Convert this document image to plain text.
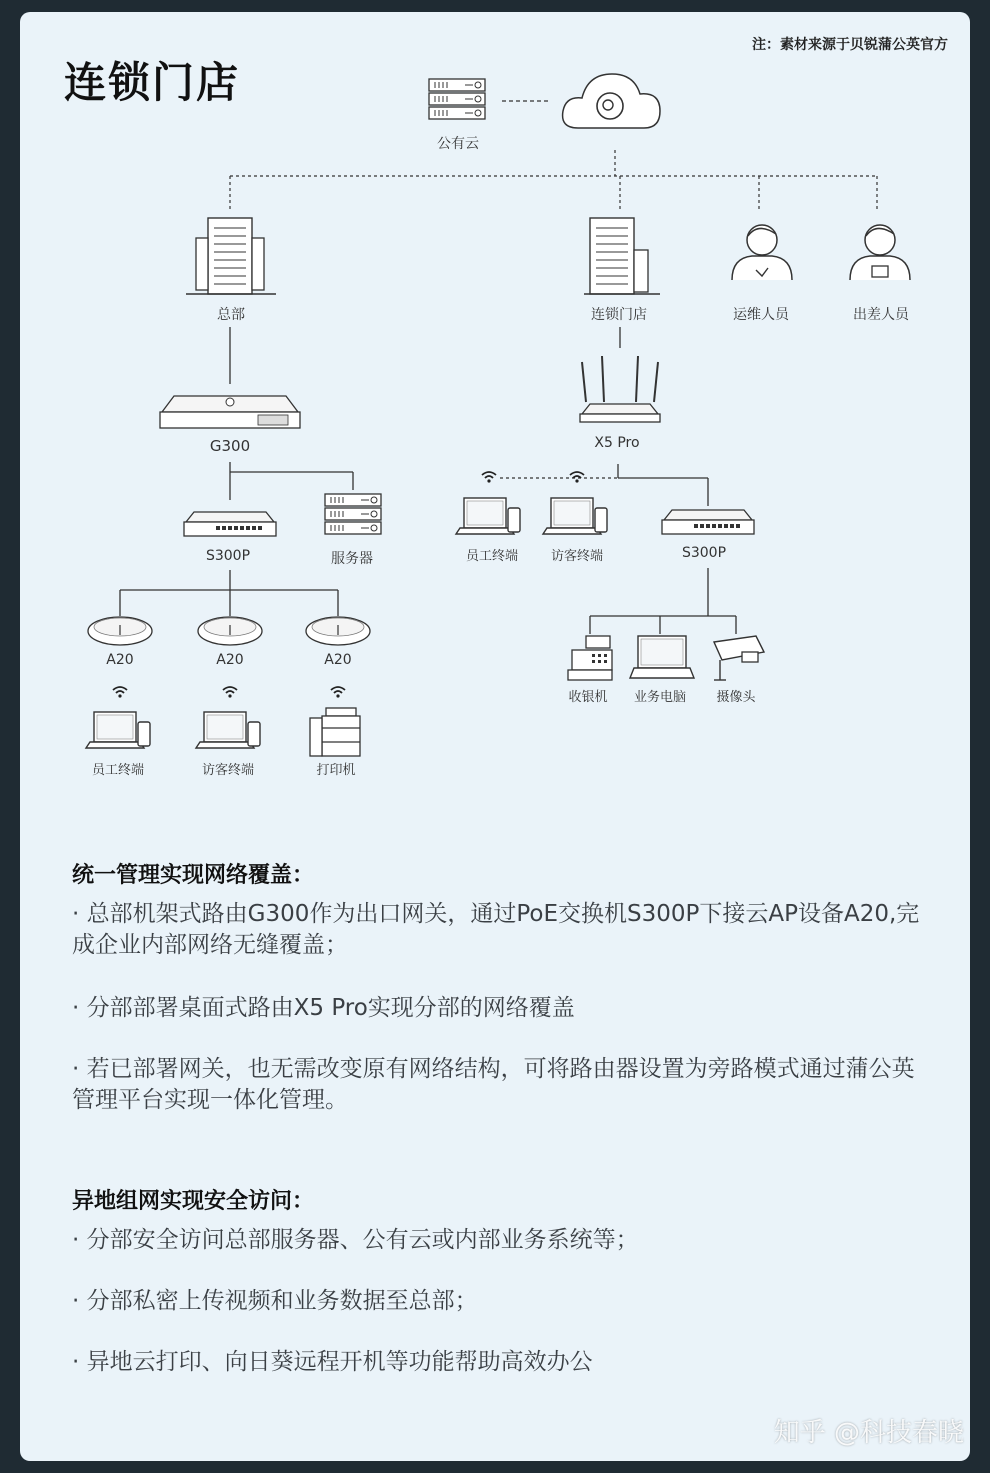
连锁门店
注：素材来源于贝锐蒲公英官方
公有云
总部	连锁门店	运维人员	出差人员
G300	X5 Pro
S300P	服务器
A20	A20	A20
员工终端	访客终端	打印机
员工终端	访客终端	S300P
收银机	业务电脑	摄像头
统一管理实现网络覆盖：
· 总部机架式路由G300作为出口网关，通过PoE交换机S300P下接云AP设备A20,完成企业内部网络无缝覆盖；
· 分部部署桌面式路由X5 Pro实现分部的网络覆盖
· 若已部署网关，也无需改变原有网络结构，可将路由器设置为旁路模式通过蒲公英管理平台实现一体化管理。
异地组网实现安全访问：
· 分部安全访问总部服务器、公有云或内部业务系统等；
· 分部私密上传视频和业务数据至总部；
· 异地云打印、向日葵远程开机等功能帮助高效办公
知乎 @科技春晓
